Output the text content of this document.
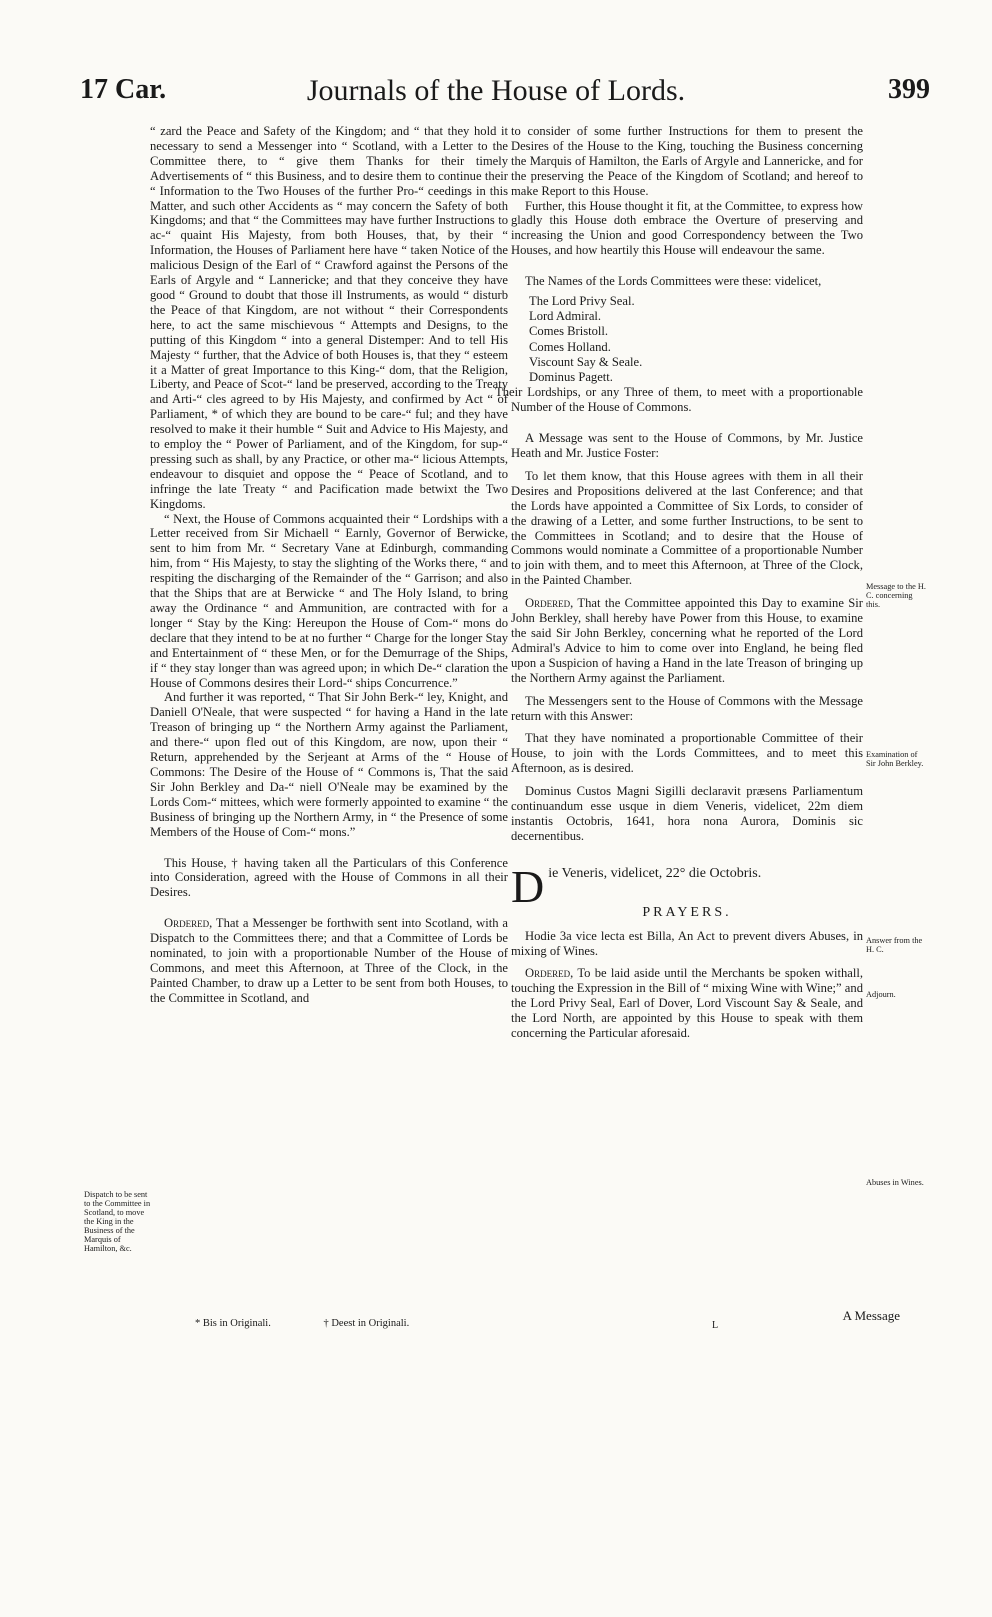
17 Car.	Journals of the House of Lords.	399

“ zard the Peace and Safety of the Kingdom; and “ that they hold it necessary to send a Messenger into “ Scotland, with a Letter to the Committee there, to “ give them Thanks for their timely Advertisements of “ this Business, and to desire them to continue their “ Information to the Two Houses of the further Pro-“ ceedings in this Matter, and such other Accidents as “ may concern the Safety of both Kingdoms; and that “ the Committees may have further Instructions to ac-“ quaint His Majesty, from both Houses, that, by their “ Information, the Houses of Parliament here have “ taken Notice of the malicious Design of the Earl of “ Crawford against the Persons of the Earls of Argyle and “ Lannericke; and that they conceive they have good “ Ground to doubt that those ill Instruments, as would “ disturb the Peace of that Kingdom, are not without “ their Correspondents here, to act the same mischievous “ Attempts and Designs, to the putting of this Kingdom “ into a general Distemper: And to tell His Majesty “ further, that the Advice of both Houses is, that they “ esteem it a Matter of great Importance to this King-“ dom, that the Religion, Liberty, and Peace of Scot-“ land be preserved, according to the Treaty and Arti-“ cles agreed to by His Majesty, and confirmed by Act “ of Parliament, * of which they are bound to be care-“ ful; and they have resolved to make it their humble “ Suit and Advice to His Majesty, and to employ the “ Power of Parliament, and of the Kingdom, for sup-“ pressing such as shall, by any Practice, or other ma-“ licious Attempts, endeavour to disquiet and oppose the “ Peace of Scotland, and to infringe the late Treaty “ and Pacification made betwixt the Two Kingdoms.

“ Next, the House of Commons acquainted their “ Lordships with a Letter received from Sir Michaell “ Earnly, Governor of Berwicke, sent to him from Mr. “ Secretary Vane at Edinburgh, commanding him, from “ His Majesty, to stay the slighting of the Works there, “ and respiting the discharging of the Remainder of the “ Garrison; and also that the Ships that are at Berwicke “ and The Holy Island, to bring away the Ordinance “ and Ammunition, are contracted with for a longer “ Stay by the King: Hereupon the House of Com-“ mons do declare that they intend to be at no further “ Charge for the longer Stay and Entertainment of “ these Men, or for the Demurrage of the Ships, if “ they stay longer than was agreed upon; in which De-“ claration the House of Commons desires their Lord-“ ships Concurrence.”

And further it was reported, “ That Sir John Berk-“ ley, Knight, and Daniell O'Neale, that were suspected “ for having a Hand in the late Treason of bringing up “ the Northern Army against the Parliament, and there-“ upon fled out of this Kingdom, are now, upon their “ Return, apprehended by the Serjeant at Arms of the “ House of Commons: The Desire of the House of “ Commons is, That the said Sir John Berkley and Da-“ niell O'Neale may be examined by the Lords Com-“ mittees, which were formerly appointed to examine “ the Business of bringing up the Northern Army, in “ the Presence of some Members of the House of Com-“ mons.”

This House, † having taken all the Particulars of this Conference into Consideration, agreed with the House of Commons in all their Desires.

Ordered, That a Messenger be forthwith sent into Scotland, with a Dispatch to the Committees there; and that a Committee of Lords be nominated, to join with a proportionable Number of the House of Commons, and meet this Afternoon, at Three of the Clock, in the Painted Chamber, to draw up a Letter to be sent from both Houses, to the Committee in Scotland, and

to consider of some further Instructions for them to present the Desires of the House to the King, touching the Business concerning the Marquis of Hamilton, the Earls of Argyle and Lannericke, and for the preserving the Peace of the Kingdom of Scotland; and hereof to make Report to this House.

Further, this House thought it fit, at the Committee, to express how gladly this House doth embrace the Overture of preserving and increasing the Union and good Correspondency between the Two Houses, and how heartily this House will endeavour the same.

The Names of the Lords Committees were these: videlicet,

The Lord Privy Seal.
Lord Admiral.
Comes Bristoll.
Comes Holland.
Viscount Say & Seale.
Dominus Pagett.

Their Lordships, or any Three of them, to meet with a proportionable Number of the House of Commons.

A Message was sent to the House of Commons, by Mr. Justice Heath and Mr. Justice Foster:

To let them know, that this House agrees with them in all their Desires and Propositions delivered at the last Conference; and that the Lords have appointed a Committee of Six Lords, to consider of the drawing of a Letter, and some further Instructions, to be sent to the Committees in Scotland; and to desire that the House of Commons would nominate a Committee of a proportionable Number to join with them, and to meet this Afternoon, at Three of the Clock, in the Painted Chamber.

Ordered, That the Committee appointed this Day to examine Sir John Berkley, shall hereby have Power from this House, to examine the said Sir John Berkley, concerning what he reported of the Lord Admiral's Advice to him to come over into England, he being fled upon a Suspicion of having a Hand in the late Treason of bringing up the Northern Army against the Parliament.

The Messengers sent to the House of Commons with the Message return with this Answer:

That they have nominated a proportionable Committee of their House, to join with the Lords Committees, and to meet this Afternoon, as is desired.

Dominus Custos Magni Sigilli declaravit præsens Parliamentum continuandum esse usque in diem Veneris, videlicet, 22m diem instantis Octobris, 1641, hora nona Aurora, Dominis sic decernentibus.

D ie Veneris, videlicet, 22° die Octobris.

PRAYERS.

Hodie 3a vice lecta est Billa, An Act to prevent divers Abuses, in mixing of Wines.

Ordered, To be laid aside until the Merchants be spoken withall, touching the Expression in the Bill of “ mixing Wine with Wine;” and the Lord Privy Seal, Earl of Dover, Lord Viscount Say & Seale, and the Lord North, are appointed by this House to speak with them concerning the Particular aforesaid.

Dispatch to be sent to the Committee in Scotland, to move the King in the Business of the Marquis of Hamilton, &c.
Message to the H. C. concerning this.
Examination of Sir John Berkley.
Answer from the H. C.
Adjourn.
Abuses in Wines.
* Bis in Originali.	† Deest in Originali.	L
A Message
